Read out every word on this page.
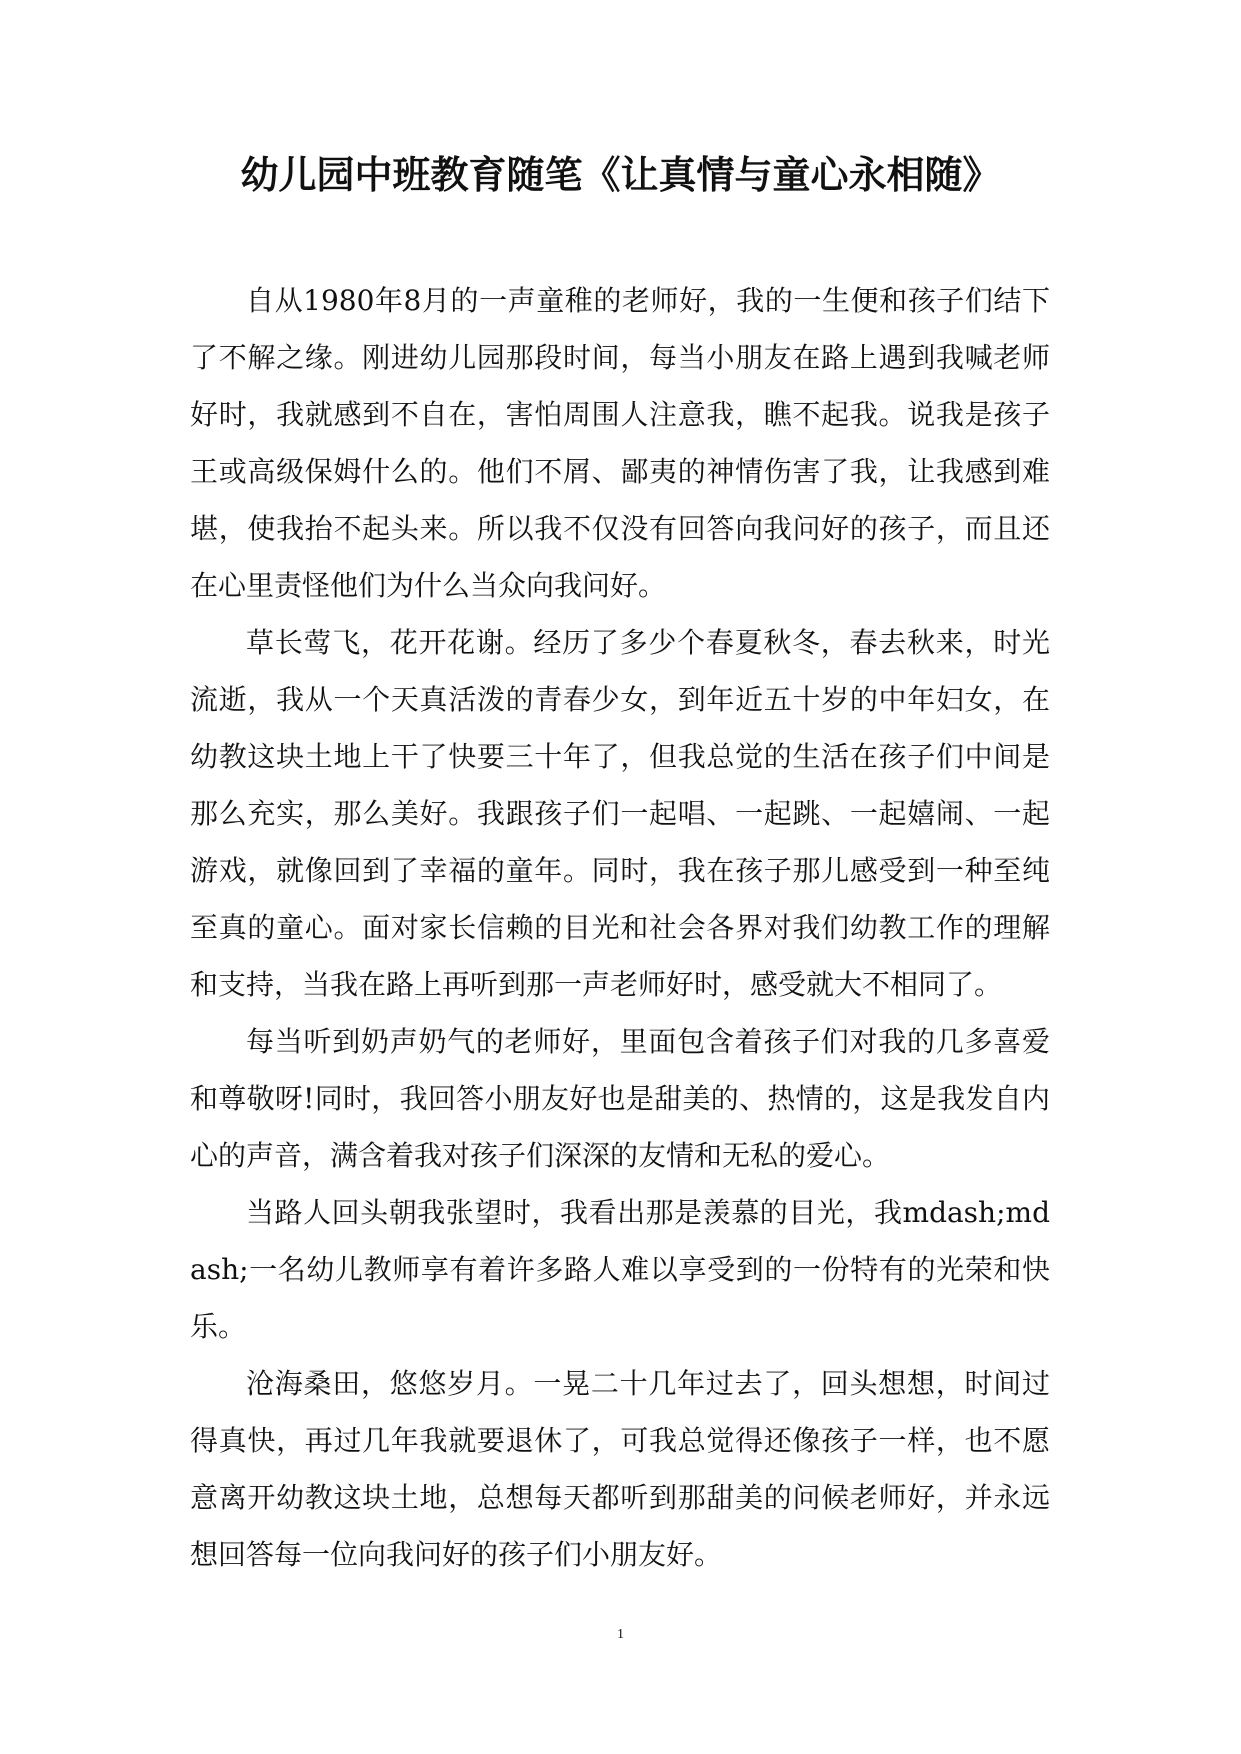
幼儿园中班教育随笔《让真情与童心永相随》

自从1980年8月的一声童稚的老师好，我的一生便和孩子们结下了不解之缘。刚进幼儿园那段时间，每当小朋友在路上遇到我喊老师好时，我就感到不自在，害怕周围人注意我，瞧不起我。说我是孩子王或高级保姆什么的。他们不屑、鄙夷的神情伤害了我，让我感到难堪，使我抬不起头来。所以我不仅没有回答向我问好的孩子，而且还在心里责怪他们为什么当众向我问好。

草长莺飞，花开花谢。经历了多少个春夏秋冬，春去秋来，时光流逝，我从一个天真活泼的青春少女，到年近五十岁的中年妇女，在幼教这块土地上干了快要三十年了，但我总觉的生活在孩子们中间是那么充实，那么美好。我跟孩子们一起唱、一起跳、一起嬉闹、一起游戏，就像回到了幸福的童年。同时，我在孩子那儿感受到一种至纯至真的童心。面对家长信赖的目光和社会各界对我们幼教工作的理解和支持，当我在路上再听到那一声老师好时，感受就大不相同了。

每当听到奶声奶气的老师好，里面包含着孩子们对我的几多喜爱和尊敬呀!同时，我回答小朋友好也是甜美的、热情的，这是我发自内心的声音，满含着我对孩子们深深的友情和无私的爱心。

当路人回头朝我张望时，我看出那是羡慕的目光，我mdash;mdash;一名幼儿教师享有着许多路人难以享受到的一份特有的光荣和快乐。

沧海桑田，悠悠岁月。一晃二十几年过去了，回头想想，时间过得真快，再过几年我就要退休了，可我总觉得还像孩子一样，也不愿意离开幼教这块土地，总想每天都听到那甜美的问候老师好，并永远想回答每一位向我问好的孩子们小朋友好。

1
